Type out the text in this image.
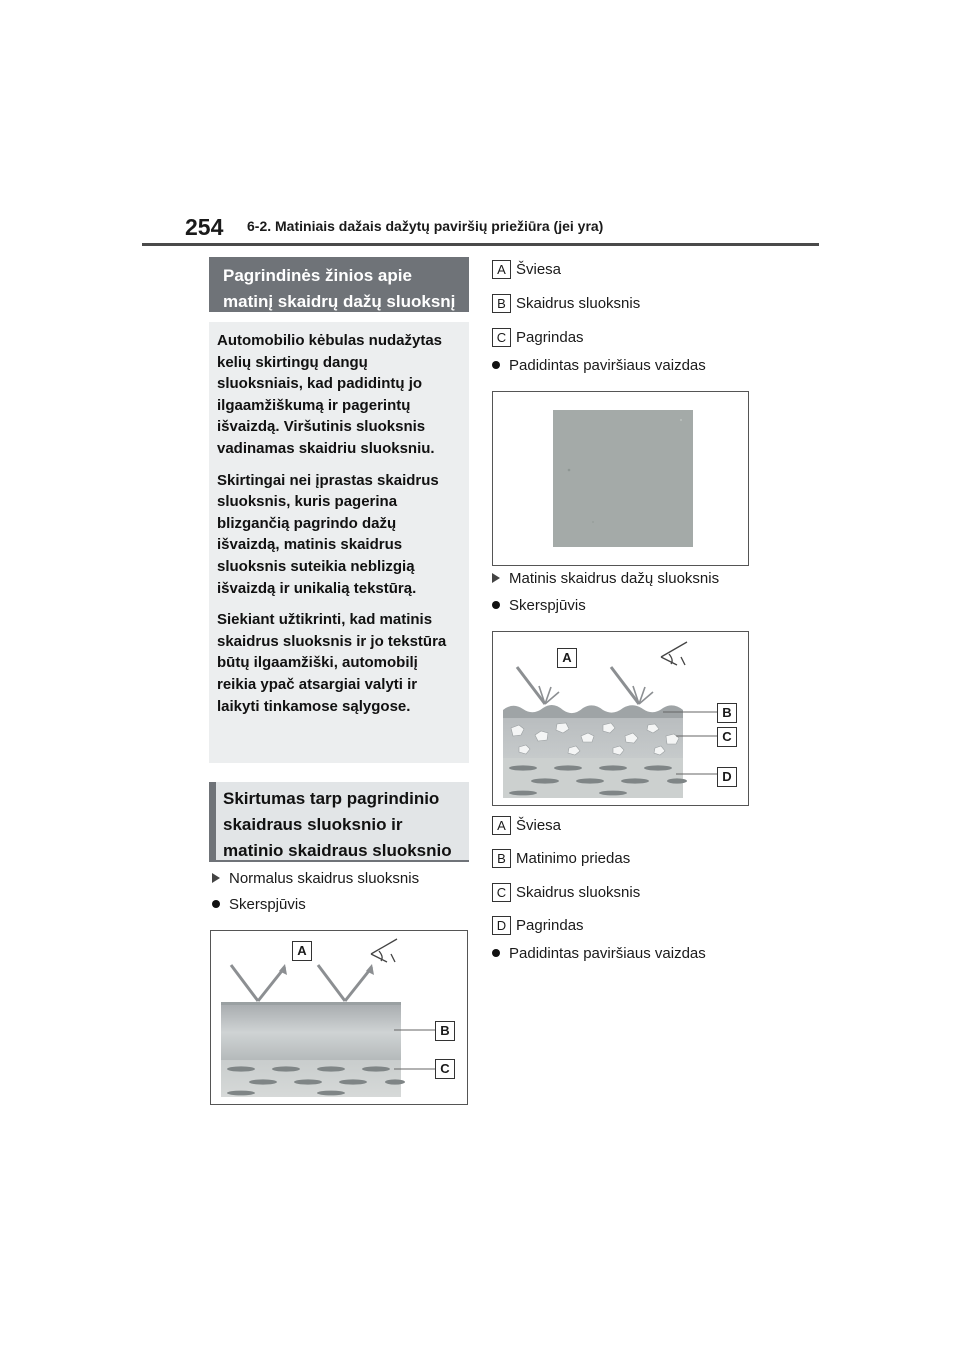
254 6-2. Matiniais dažais dažytų paviršių priežiūra (jei yra)
Pagrindinės žinios apie matinį skaidrų dažų sluoksnį

Automobilio kėbulas nudažytas kelių skirtingų dangų sluoksniais, kad padidintų jo ilgaamžiškumą ir pagerintų išvaizdą. Viršutinis sluoksnis vadinamas skaidriu sluoksniu.

Skirtingai nei įprastas skaidrus sluoksnis, kuris pagerina blizgančią pagrindo dažų išvaizdą, matinis skaidrus sluoksnis suteikia neblizgią išvaizdą ir unikalią tekstūrą.

Siekiant užtikrinti, kad matinis skaidrus sluoksnis ir jo tekstūra būtų ilgaamžiški, automobilį reikia ypač atsargiai valyti ir laikyti tinkamose sąlygose.

Skirtumas tarp pagrindinio skaidraus sluoksnio ir matinio skaidraus sluoksnio
Normalus skaidrus sluoksnis
Skerspjūvis
A
B
C
A Šviesa
B Skaidrus sluoksnis
C Pagrindas
Padidintas paviršiaus vaizdas
Matinis skaidrus dažų sluoksnis
Skerspjūvis
A
B
C
D
A Šviesa
B Matinimo priedas
C Skaidrus sluoksnis
D Pagrindas
Padidintas paviršiaus vaizdas
